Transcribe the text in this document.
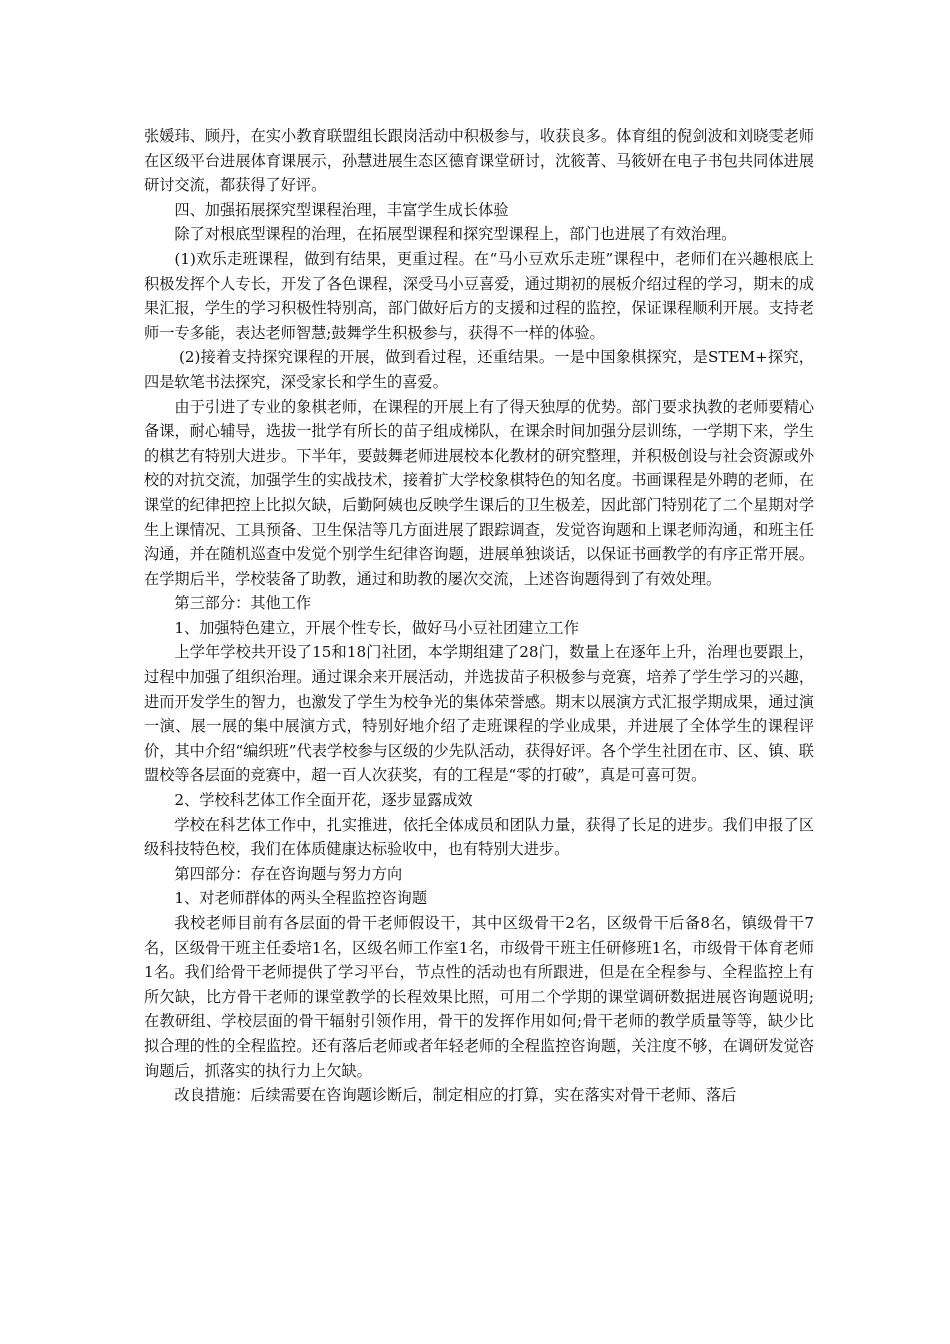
张媛玮、顾丹，在实小教育联盟组长跟岗活动中积极参与，收获良多。体育组的倪剑波和刘晓雯老师在区级平台进展体育课展示，孙慧进展生态区德育课堂研讨，沈筱菁、马筱妍在电子书包共同体进展研讨交流，都获得了好评。

四、加强拓展探究型课程治理，丰富学生成长体验

除了对根底型课程的治理，在拓展型课程和探究型课程上，部门也进展了有效治理。

(1)欢乐走班课程，做到有结果，更重过程。在“马小豆欢乐走班”课程中，老师们在兴趣根底上积极发挥个人专长，开发了各色课程，深受马小豆喜爱，通过期初的展板介绍过程的学习，期末的成果汇报，学生的学习积极性特别高，部门做好后方的支援和过程的监控，保证课程顺利开展。支持老师一专多能，表达老师智慧;鼓舞学生积极参与，获得不一样的体验。

(2)接着支持探究课程的开展，做到看过程，还重结果。一是中国象棋探究，是STEM+探究，四是软笔书法探究，深受家长和学生的喜爱。

由于引进了专业的象棋老师，在课程的开展上有了得天独厚的优势。部门要求执教的老师要精心备课，耐心辅导，选拔一批学有所长的苗子组成梯队，在课余时间加强分层训练，一学期下来，学生的棋艺有特别大进步。下半年，要鼓舞老师进展校本化教材的研究整理，并积极创设与社会资源或外校的对抗交流，加强学生的实战技术，接着扩大学校象棋特色的知名度。书画课程是外聘的老师，在课堂的纪律把控上比拟欠缺，后勤阿姨也反映学生课后的卫生极差，因此部门特别花了二个星期对学生上课情况、工具预备、卫生保洁等几方面进展了跟踪调查，发觉咨询题和上课老师沟通，和班主任沟通，并在随机巡查中发觉个别学生纪律咨询题，进展单独谈话，以保证书画教学的有序正常开展。在学期后半，学校装备了助教，通过和助教的屡次交流，上述咨询题得到了有效处理。

第三部分：其他工作

1、加强特色建立，开展个性专长，做好马小豆社团建立工作

上学年学校共开设了15和18门社团，本学期组建了28门，数量上在逐年上升，治理也要跟上，过程中加强了组织治理。通过课余来开展活动，并选拔苗子积极参与竞赛，培养了学生学习的兴趣，进而开发学生的智力，也激发了学生为校争光的集体荣誉感。期末以展演方式汇报学期成果，通过演一演、展一展的集中展演方式，特别好地介绍了走班课程的学业成果，并进展了全体学生的课程评价，其中介绍“编织班”代表学校参与区级的少先队活动，获得好评。各个学生社团在市、区、镇、联盟校等各层面的竞赛中，超一百人次获奖，有的工程是“零的打破”，真是可喜可贺。

2、学校科艺体工作全面开花，逐步显露成效

学校在科艺体工作中，扎实推进，依托全体成员和团队力量，获得了长足的进步。我们申报了区级科技特色校，我们在体质健康达标验收中，也有特别大进步。

第四部分：存在咨询题与努力方向

1、对老师群体的两头全程监控咨询题

我校老师目前有各层面的骨干老师假设干，其中区级骨干2名，区级骨干后备8名，镇级骨干7名，区级骨干班主任委培1名，区级名师工作室1名，市级骨干班主任研修班1名，市级骨干体育老师1名。我们给骨干老师提供了学习平台，节点性的活动也有所跟进，但是在全程参与、全程监控上有所欠缺，比方骨干老师的课堂教学的长程效果比照，可用二个学期的课堂调研数据进展咨询题说明;在教研组、学校层面的骨干辐射引领作用，骨干的发挥作用如何;骨干老师的教学质量等等，缺少比拟合理的性的全程监控。还有落后老师或者年轻老师的全程监控咨询题，关注度不够，在调研发觉咨询题后，抓落实的执行力上欠缺。

改良措施：后续需要在咨询题诊断后，制定相应的打算，实在落实对骨干老师、落后
